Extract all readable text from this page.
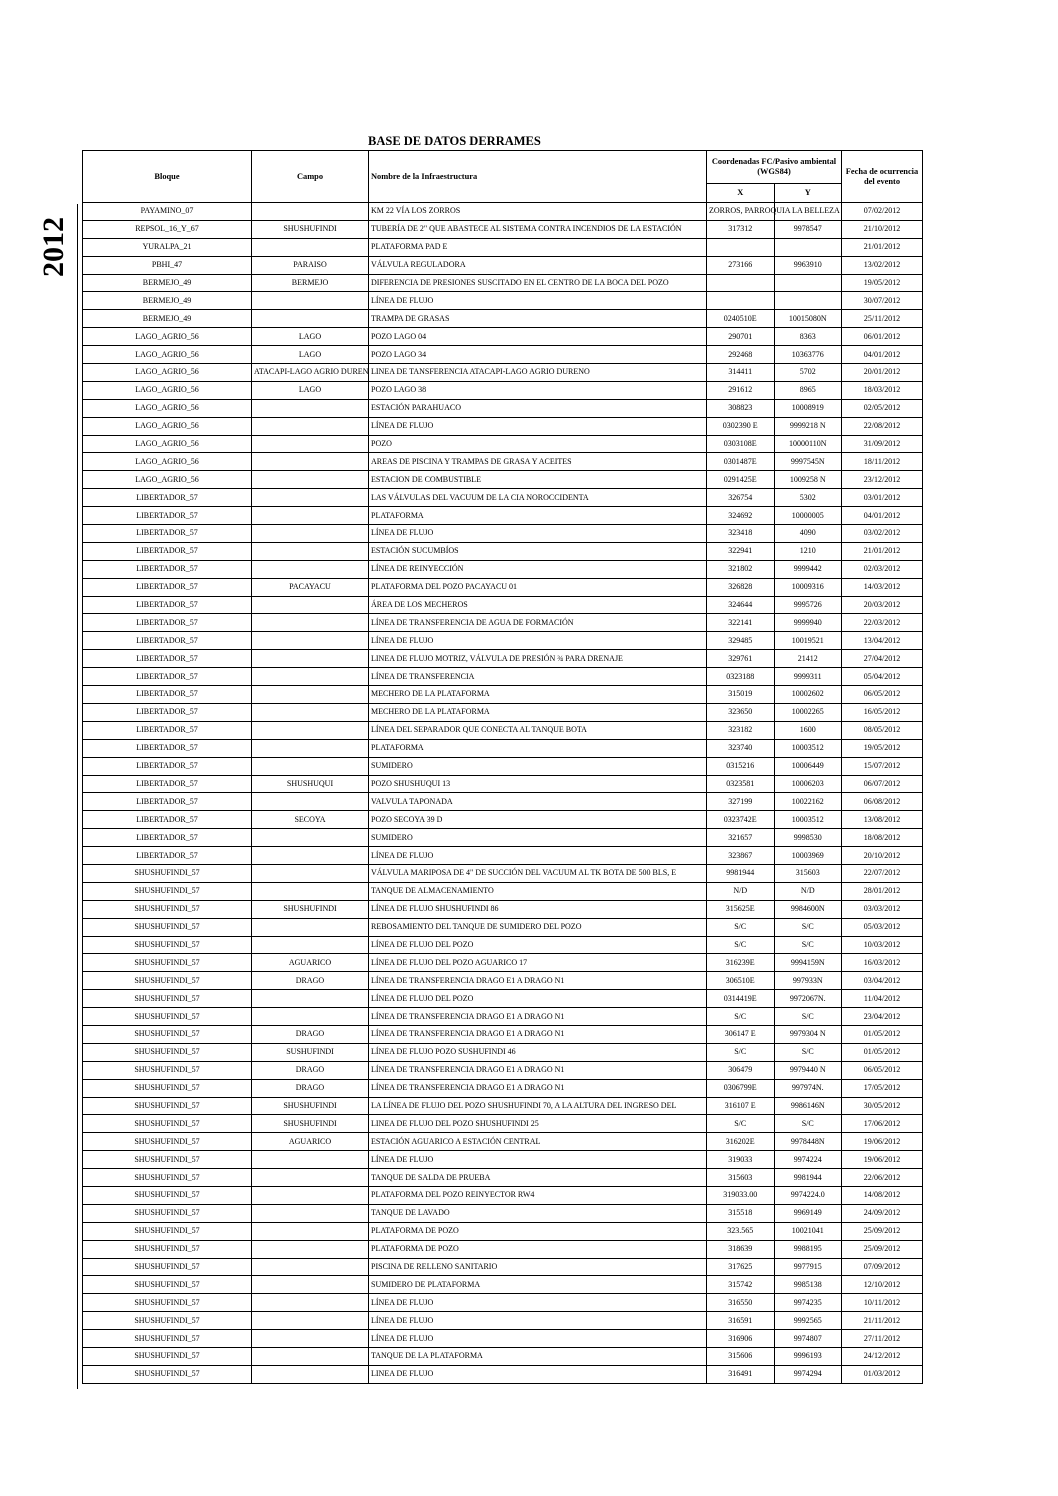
BASE DE DATOS DERRAMES
2012
Bloque	Campo	Nombre de la Infraestructura	Coordenadas FC/Pasivo ambiental (WGS84)		Fecha de ocurrencia del evento
			X	Y	
PAYAMINO_07		KM 22 VÍA LOS ZORROS	ZORROS, PARROQUIA LA BELLEZA		07/02/2012
REPSOL_16_Y_67	SHUSHUFINDI	TUBERÍA DE 2" QUE ABASTECE AL SISTEMA CONTRA INCENDIOS DE LA ESTACIÓN	317312	9978547	21/10/2012
YURALPA_21		PLATAFORMA PAD E			21/01/2012
PBHI_47	PARAISO	VÁLVULA REGULADORA	273166	9963910	13/02/2012
BERMEJO_49	BERMEJO	DIFERENCIA DE PRESIONES SUSCITADO EN EL CENTRO DE LA BOCA DEL POZO			19/05/2012
BERMEJO_49		LÍNEA DE FLUJO			30/07/2012
BERMEJO_49		TRAMPA DE GRASAS	0240510E	10015080N	25/11/2012
LAGO_AGRIO_56	LAGO	POZO LAGO 04	290701	8363	06/01/2012
LAGO_AGRIO_56	LAGO	POZO LAGO 34	292468	10363776	04/01/2012
LAGO_AGRIO_56	ATACAPI-LAGO AGRIO DUREN	LINEA DE TANSFERENCIA ATACAPI-LAGO AGRIO DURENO	314411	5702	20/01/2012
LAGO_AGRIO_56	LAGO	POZO LAGO 38	291612	8965	18/03/2012
LAGO_AGRIO_56		ESTACIÓN PARAHUACO	308823	10008919	02/05/2012
LAGO_AGRIO_56		LÍNEA DE FLUJO	0302390 E	9999218 N	22/08/2012
LAGO_AGRIO_56		POZO	0303108E	10000110N	31/09/2012
LAGO_AGRIO_56		AREAS DE PISCINA Y TRAMPAS DE GRASA Y ACEITES	0301487E	9997545N	18/11/2012
LAGO_AGRIO_56		ESTACION DE COMBUSTIBLE	0291425E	1009258 N	23/12/2012
LIBERTADOR_57		LAS VÁLVULAS DEL VACUUM DE LA CIA NOROCCIDENTA	326754	5302	03/01/2012
LIBERTADOR_57		PLATAFORMA	324692	10000005	04/01/2012
LIBERTADOR_57		LÍNEA DE FLUJO	323418	4090	03/02/2012
LIBERTADOR_57		ESTACIÓN SUCUMBÍOS	322941	1210	21/01/2012
LIBERTADOR_57		LÍNEA DE REINYECCIÓN	321802	9999442	02/03/2012
LIBERTADOR_57	PACAYACU	PLATAFORMA DEL POZO PACAYACU 01	326828	10009316	14/03/2012
LIBERTADOR_57		ÁREA DE LOS MECHEROS	324644	9995726	20/03/2012
LIBERTADOR_57		LÍNEA DE TRANSFERENCIA DE AGUA DE FORMACIÓN	322141	9999940	22/03/2012
LIBERTADOR_57		LÍNEA DE FLUJO	329485	10019521	13/04/2012
LIBERTADOR_57		LINEA DE FLUJO MOTRIZ, VÁLVULA DE PRESIÓN ¾ PARA DRENAJE	329761	21412	27/04/2012
LIBERTADOR_57		LÍNEA DE TRANSFERENCIA	0323188	9999311	05/04/2012
LIBERTADOR_57		MECHERO DE LA PLATAFORMA	315019	10002602	06/05/2012
LIBERTADOR_57		MECHERO DE LA PLATAFORMA	323650	10002265	16/05/2012
LIBERTADOR_57		LÍNEA DEL SEPARADOR QUE CONECTA AL TANQUE BOTA	323182	1600	08/05/2012
LIBERTADOR_57		PLATAFORMA	323740	10003512	19/05/2012
LIBERTADOR_57		SUMIDERO	0315216	10006449	15/07/2012
LIBERTADOR_57	SHUSHUQUI	POZO SHUSHUQUI 13	0323581	10006203	06/07/2012
LIBERTADOR_57		VALVULA TAPONADA	327199	10022162	06/08/2012
LIBERTADOR_57	SECOYA	POZO SECOYA 39 D	0323742E	10003512	13/08/2012
LIBERTADOR_57		SUMIDERO	321657	9998530	18/08/2012
LIBERTADOR_57		LÍNEA DE FLUJO	323867	10003969	20/10/2012
SHUSHUFINDI_57		VÁLVULA MARIPOSA DE 4" DE SUCCIÓN DEL VACUUM AL TK BOTA DE 500 BLS, E	9981944	315603	22/07/2012
SHUSHUFINDI_57		TANQUE DE ALMACENAMIENTO	N/D	N/D	28/01/2012
SHUSHUFINDI_57	SHUSHUFINDI	LÍNEA DE FLUJO SHUSHUFINDI 86	315625E	9984600N	03/03/2012
SHUSHUFINDI_57		REBOSAMIENTO DEL TANQUE DE SUMIDERO DEL POZO	S/C	S/C	05/03/2012
SHUSHUFINDI_57		LÍNEA DE FLUJO DEL POZO	S/C	S/C	10/03/2012
SHUSHUFINDI_57	AGUARICO	LÍNEA DE FLUJO DEL POZO AGUARICO 17	316239E	9994159N	16/03/2012
SHUSHUFINDI_57	DRAGO	LÍNEA DE TRANSFERENCIA DRAGO E1 A DRAGO N1	306510E	997933N	03/04/2012
SHUSHUFINDI_57		LÍNEA DE FLUJO DEL POZO	0314419E	9972067N.	11/04/2012
SHUSHUFINDI_57		LÍNEA DE TRANSFERENCIA DRAGO E1 A DRAGO N1	S/C	S/C	23/04/2012
SHUSHUFINDI_57	DRAGO	LÍNEA DE TRANSFERENCIA DRAGO E1 A DRAGO N1	306147 E	9979304 N	01/05/2012
SHUSHUFINDI_57	SUSHUFINDI	LÍNEA DE FLUJO POZO SUSHUFINDI 46	S/C	S/C	01/05/2012
SHUSHUFINDI_57	DRAGO	LÍNEA DE TRANSFERENCIA DRAGO E1 A DRAGO N1	306479	9979440 N	06/05/2012
SHUSHUFINDI_57	DRAGO	LÍNEA DE TRANSFERENCIA DRAGO E1 A DRAGO N1	0306799E	997974N.	17/05/2012
SHUSHUFINDI_57	SHUSHUFINDI	LA LÍNEA DE FLUJO DEL POZO SHUSHUFINDI 70, A LA ALTURA DEL INGRESO DEL	316107 E	9986146N	30/05/2012
SHUSHUFINDI_57	SHUSHUFINDI	LINEA DE FLUJO DEL POZO SHUSHUFINDI 25	S/C	S/C	17/06/2012
SHUSHUFINDI_57	AGUARICO	ESTACIÓN AGUARICO A ESTACIÓN CENTRAL	316202E	9978448N	19/06/2012
SHUSHUFINDI_57		LÍNEA DE FLUJO	319033	9974224	19/06/2012
SHUSHUFINDI_57		TANQUE DE SALDA DE PRUEBA	315603	9981944	22/06/2012
SHUSHUFINDI_57		PLATAFORMA DEL POZO REINYECTOR RW4	319033.00	9974224.0	14/08/2012
SHUSHUFINDI_57		TANQUE DE LAVADO	315518	9969149	24/09/2012
SHUSHUFINDI_57		PLATAFORMA DE POZO	323.565	10021041	25/09/2012
SHUSHUFINDI_57		PLATAFORMA DE POZO	318639	9988195	25/09/2012
SHUSHUFINDI_57		PISCINA DE RELLENO SANITARIO	317625	9977915	07/09/2012
SHUSHUFINDI_57		SUMIDERO DE PLATAFORMA	315742	9985138	12/10/2012
SHUSHUFINDI_57		LÍNEA DE FLUJO	316550	9974235	10/11/2012
SHUSHUFINDI_57		LÍNEA DE FLUJO	316591	9992565	21/11/2012
SHUSHUFINDI_57		LÍNEA DE FLUJO	316906	9974807	27/11/2012
SHUSHUFINDI_57		TANQUE DE LA PLATAFORMA	315606	9996193	24/12/2012
SHUSHUFINDI_57		LINEA DE FLUJO	316491	9974294	01/03/2012
